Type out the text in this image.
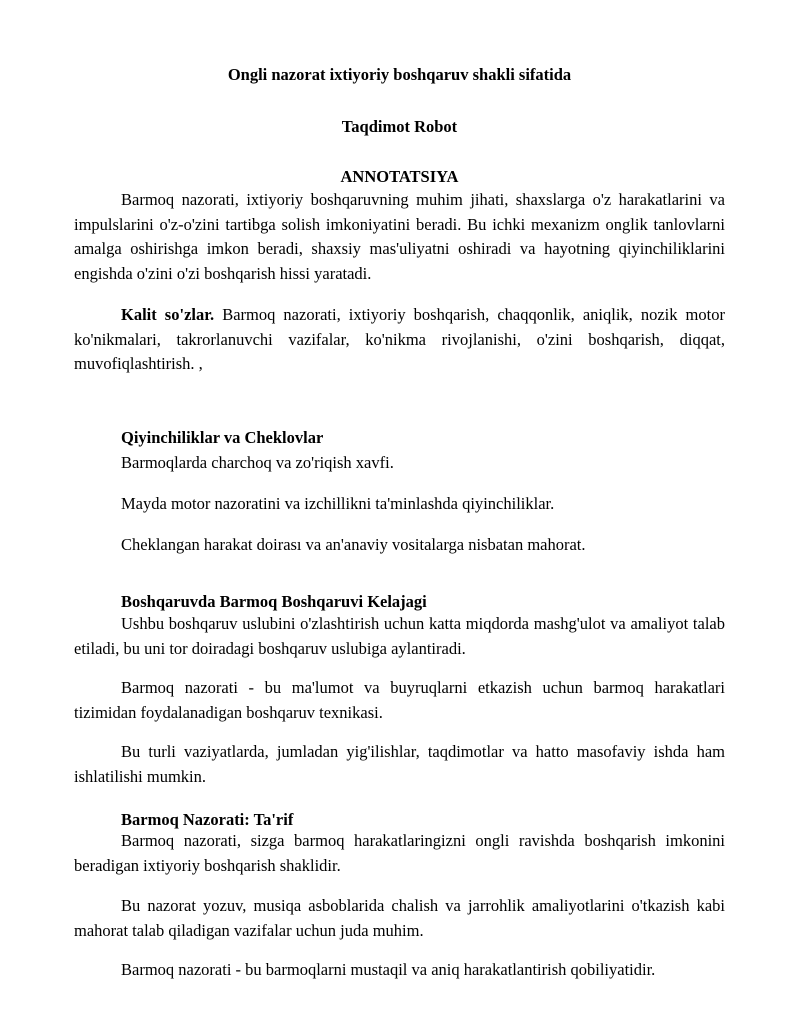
Ongli nazorat ixtiyoriy boshqaruv shakli sifatida
Taqdimot Robot
ANNOTATSIYA

Barmoq nazorati, ixtiyoriy boshqaruvning muhim jihati, shaxslarga o'z harakatlarini va impulslarini o'z-o'zini tartibga solish imkoniyatini beradi. Bu ichki mexanizm onglik tanlovlarni amalga oshirishga imkon beradi, shaxsiy mas'uliyatni oshiradi va hayotning qiyinchiliklarini engishda o'zini o'zi boshqarish hissi yaratadi.

Kalit so'zlar. Barmoq nazorati, ixtiyoriy boshqarish, chaqqonlik, aniqlik, nozik motor ko'nikmalari, takrorlanuvchi vazifalar, ko'nikma rivojlanishi, o'zini boshqarish, diqqat, muvofiqlashtirish. ,

Qiyinchiliklar va Cheklovlar

Barmoqlarda charchoq va zo'riqish xavfi.

Mayda motor nazoratini va izchillikni ta'minlashda qiyinchiliklar.

Cheklangan harakat doirası va an'anaviy vositalarga nisbatan mahorat.

Boshqaruvda Barmoq Boshqaruvi Kelajagi

Ushbu boshqaruv uslubini o'zlashtirish uchun katta miqdorda mashg'ulot va amaliyot talab etiladi, bu uni tor doiradagi boshqaruv uslubiga aylantiradi.

Barmoq nazorati - bu ma'lumot va buyruqlarni etkazish uchun barmoq harakatlari tizimidan foydalanadigan boshqaruv texnikasi.

Bu turli vaziyatlarda, jumladan yig'ilishlar, taqdimotlar va hatto masofaviy ishda ham ishlatilishi mumkin.

Barmoq Nazorati: Ta'rif

Barmoq nazorati, sizga barmoq harakatlaringizni ongli ravishda boshqarish imkonini beradigan ixtiyoriy boshqarish shaklidir.

Bu nazorat yozuv, musiqa asboblarida chalish va jarrohlik amaliyotlarini o'tkazish kabi mahorat talab qiladigan vazifalar uchun juda muhim.

Barmoq nazorati - bu barmoqlarni mustaqil va aniq harakatlantirish qobiliyatidir.
